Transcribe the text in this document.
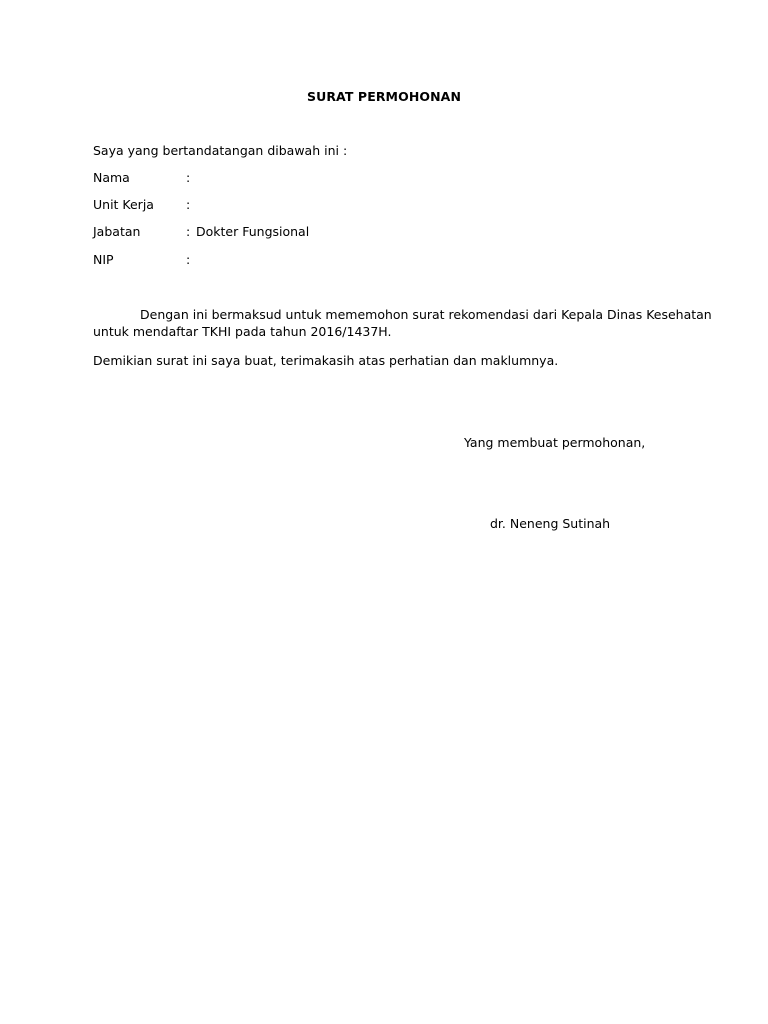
SURAT PERMOHONAN
Saya yang bertandatangan dibawah ini :
Nama	:
Unit Kerja	:
Jabatan	: Dokter Fungsional
NIP	:
Dengan ini bermaksud untuk mememohon surat rekomendasi dari Kepala Dinas Kesehatan
untuk mendaftar TKHI pada tahun 2016/1437H.
Demikian surat ini saya buat, terimakasih atas perhatian dan maklumnya.
Yang membuat permohonan,
dr. Neneng Sutinah
